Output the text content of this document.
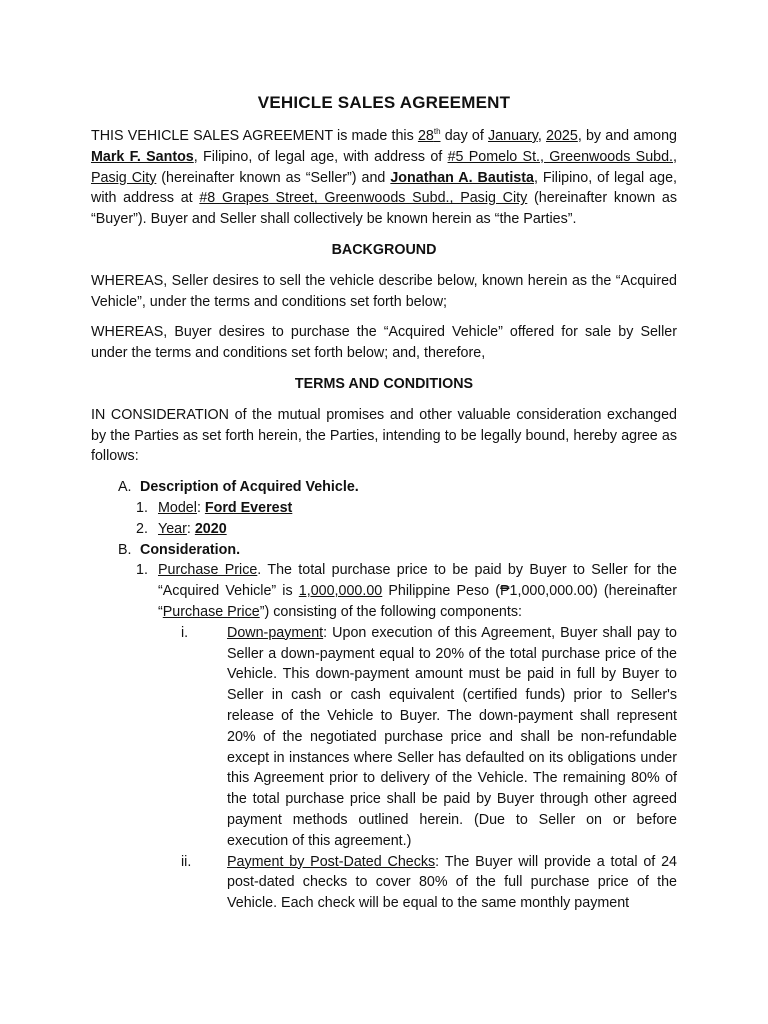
VEHICLE SALES AGREEMENT

THIS VEHICLE SALES AGREEMENT is made this 28th day of January, 2025, by and among Mark F. Santos, Filipino, of legal age, with address of #5 Pomelo St., Greenwoods Subd., Pasig City (hereinafter known as “Seller”) and Jonathan A. Bautista, Filipino, of legal age, with address at #8 Grapes Street, Greenwoods Subd., Pasig City (hereinafter known as “Buyer”). Buyer and Seller shall collectively be known herein as “the Parties”.

BACKGROUND

WHEREAS, Seller desires to sell the vehicle describe below, known herein as the “Acquired Vehicle”, under the terms and conditions set forth below;

WHEREAS, Buyer desires to purchase the “Acquired Vehicle” offered for sale by Seller under the terms and conditions set forth below; and, therefore,

TERMS AND CONDITIONS

IN CONSIDERATION of the mutual promises and other valuable consideration exchanged by the Parties as set forth herein, the Parties, intending to be legally bound, hereby agree as follows:

A. Description of Acquired Vehicle.
1. Model: Ford Everest
2. Year: 2020
B. Consideration.
1. Purchase Price. The total purchase price to be paid by Buyer to Seller for the “Acquired Vehicle” is 1,000,000.00 Philippine Peso (₱1,000,000.00) (hereinafter “Purchase Price”) consisting of the following components:
i.	Down-payment: Upon execution of this Agreement, Buyer shall pay to Seller a down-payment equal to 20% of the total purchase price of the Vehicle. This down-payment amount must be paid in full by Buyer to Seller in cash or cash equivalent (certified funds) prior to Seller's release of the Vehicle to Buyer. The down-payment shall represent 20% of the negotiated purchase price and shall be non-refundable except in instances where Seller has defaulted on its obligations under this Agreement prior to delivery of the Vehicle. The remaining 80% of the total purchase price shall be paid by Buyer through other agreed payment methods outlined herein. (Due to Seller on or before execution of this agreement.)
ii.	Payment by Post-Dated Checks: The Buyer will provide a total of 24 post-dated checks to cover 80% of the full purchase price of the Vehicle. Each check will be equal to the same monthly payment
